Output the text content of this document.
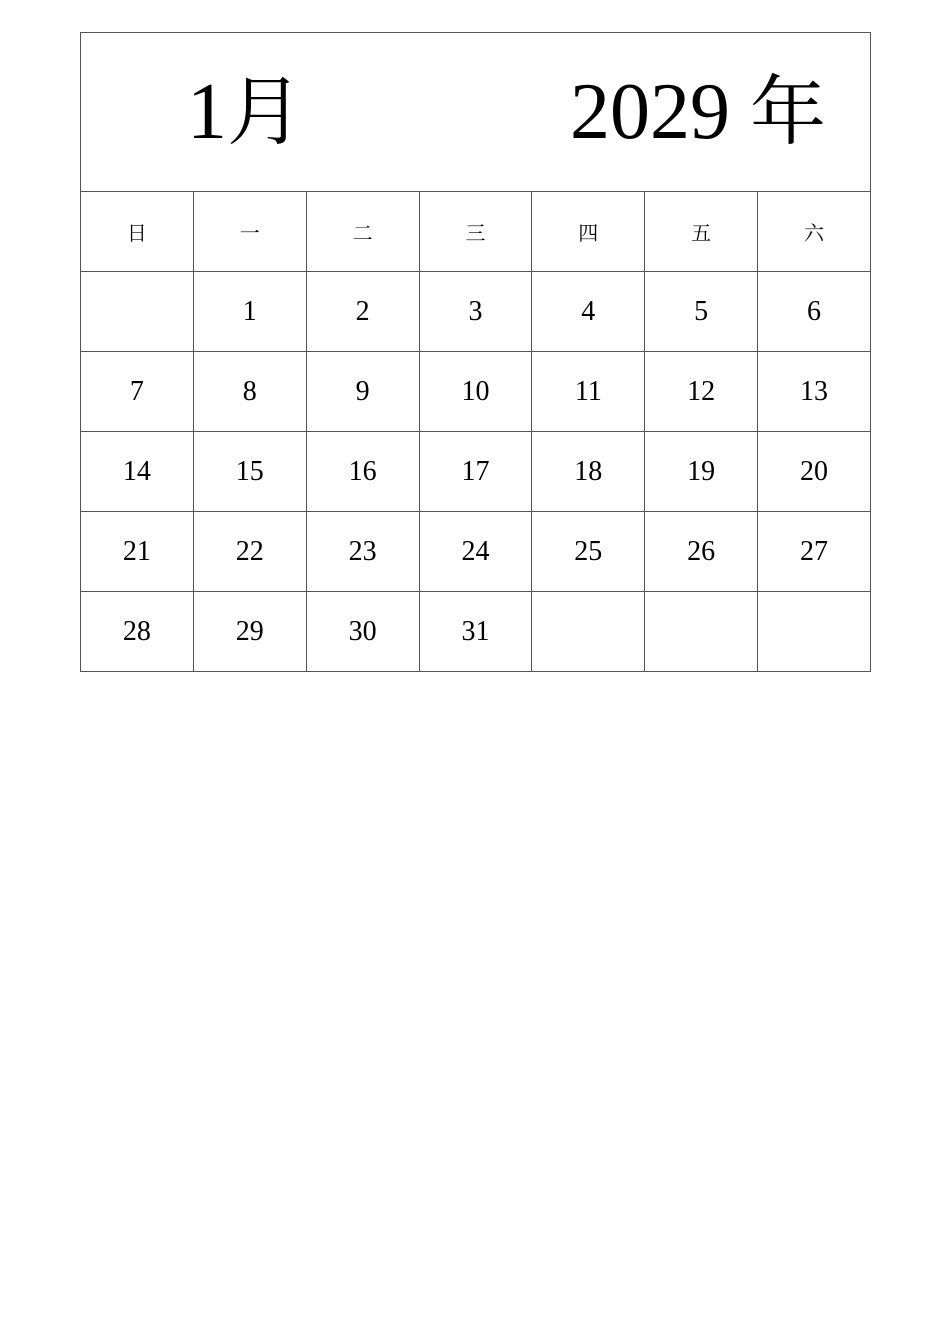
1月 2029 年						

日	一	二	三	四	五	六
	1	2	3	4	5	6
7	8	9	10	11	12	13
14	15	16	17	18	19	20
21	22	23	24	25	26	27
28	29	30	31			
